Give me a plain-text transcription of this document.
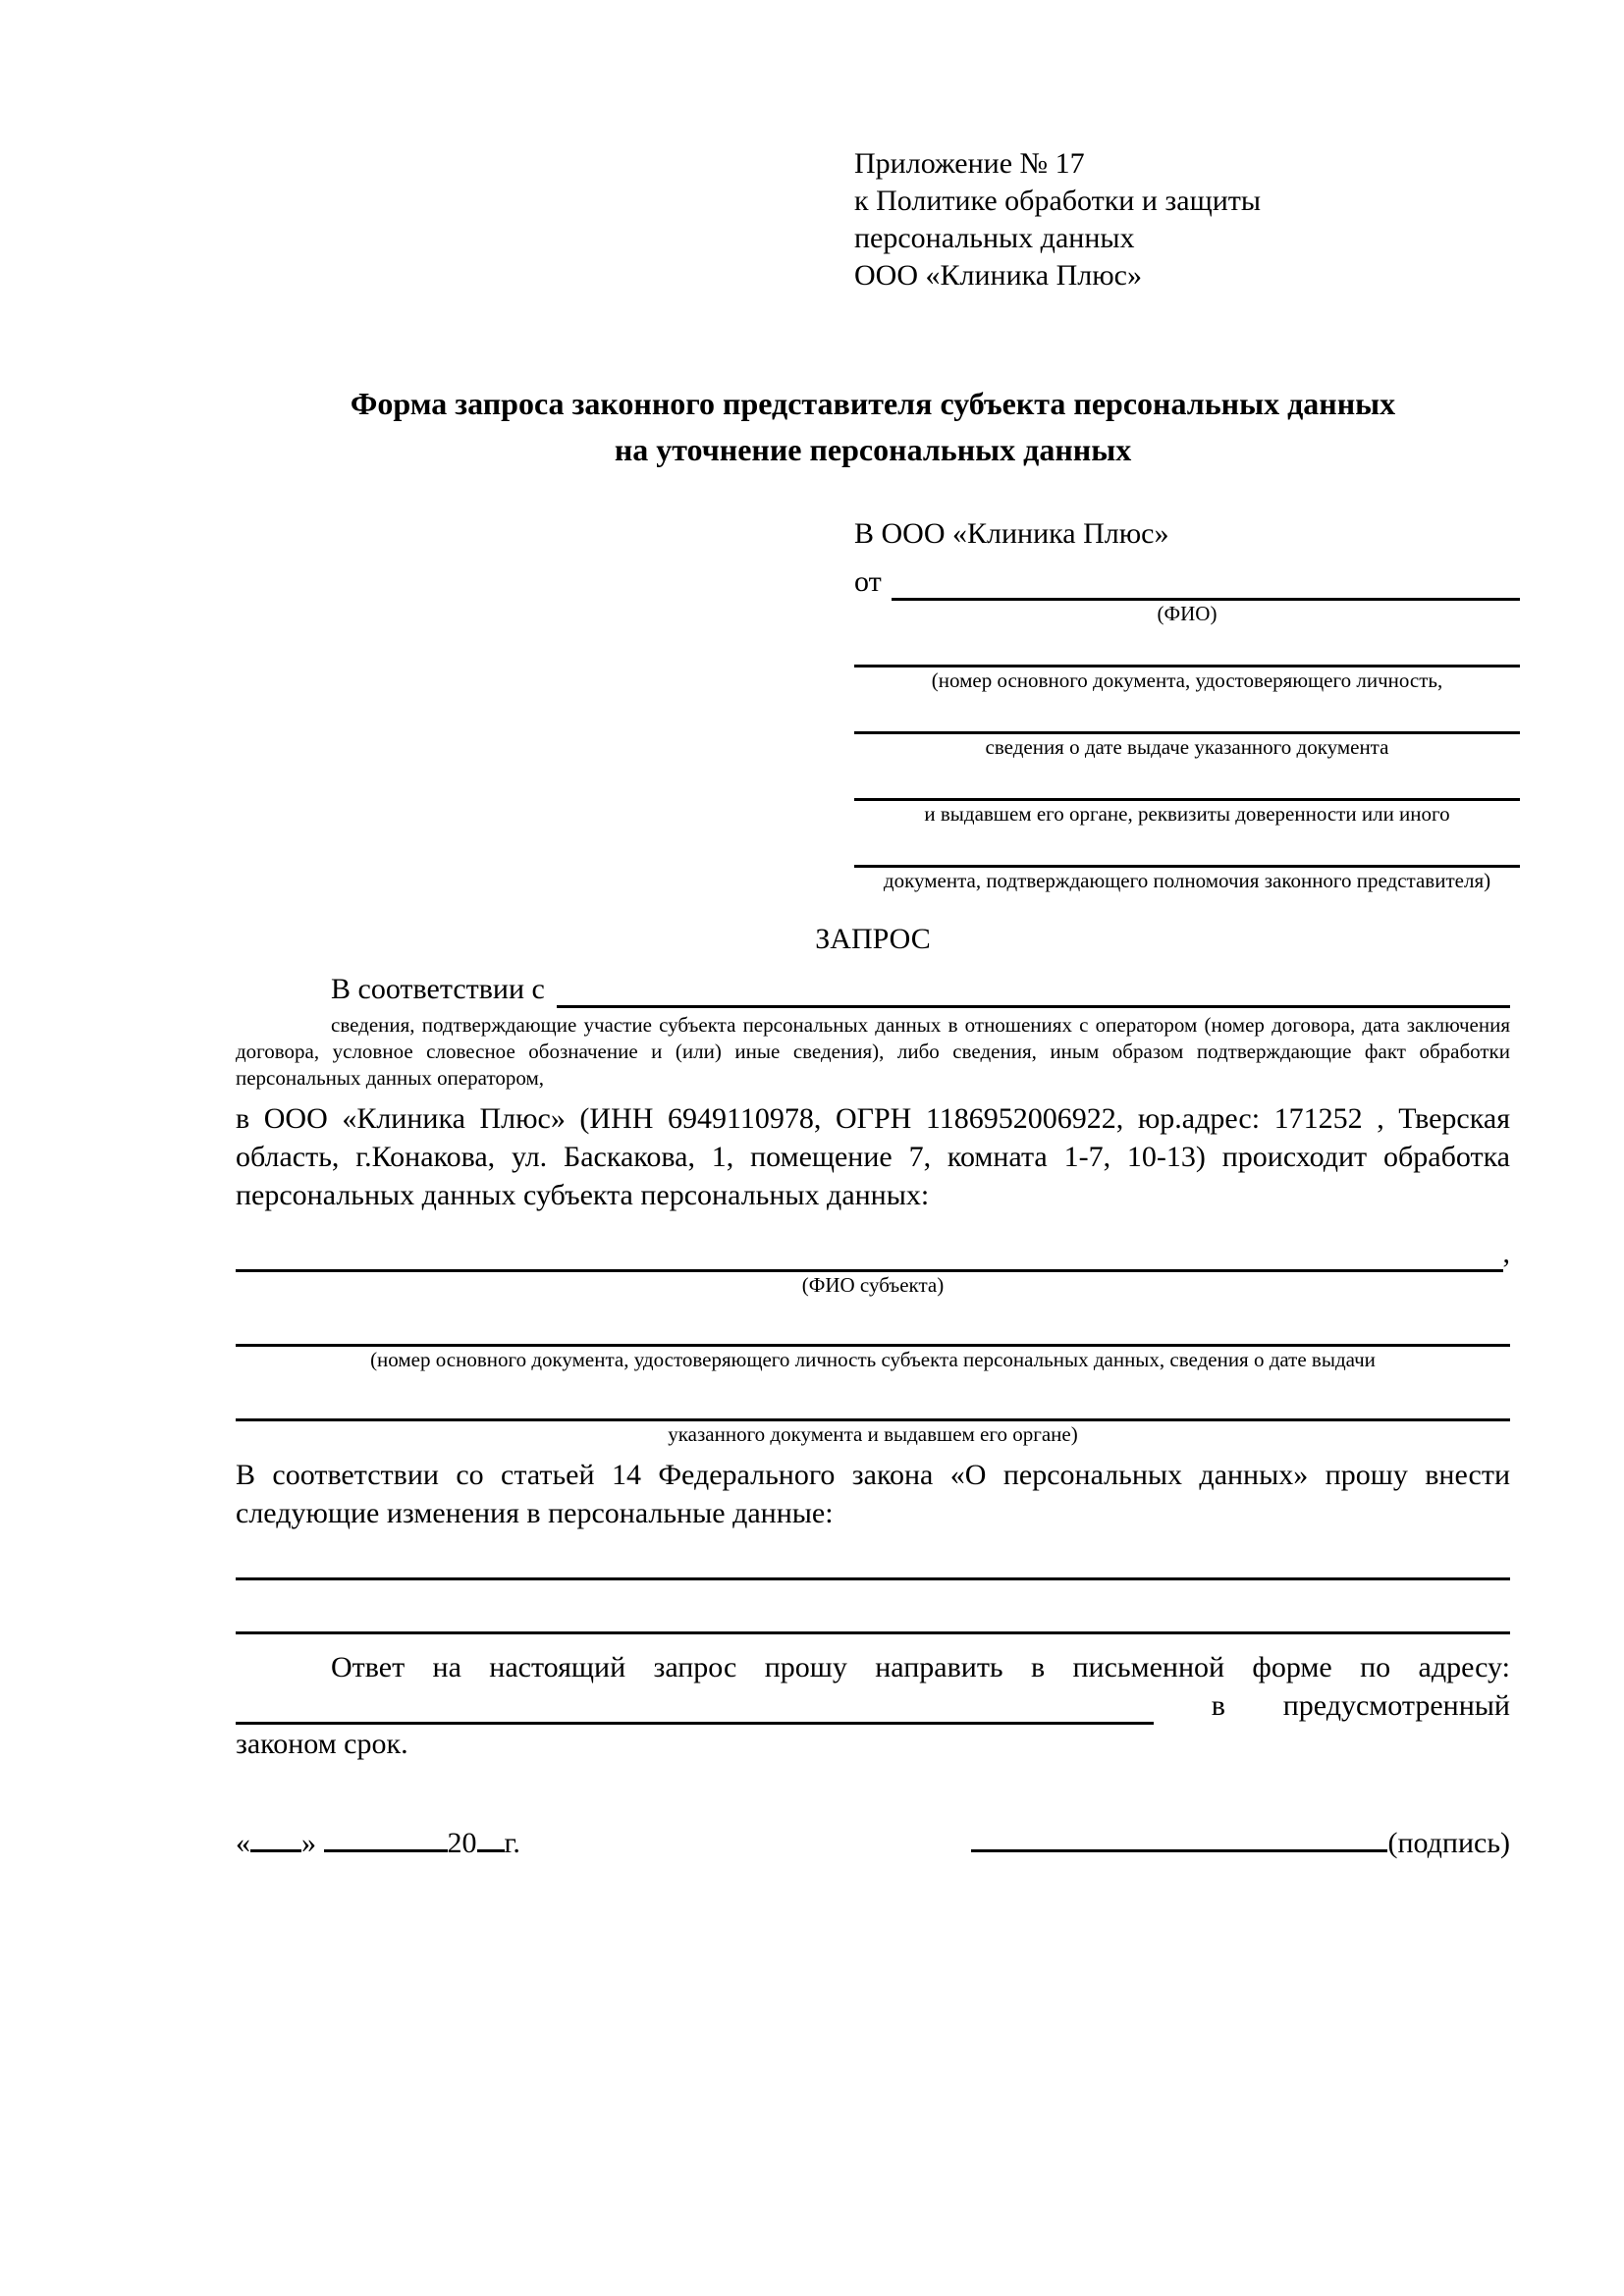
Приложение № 17
к Политике обработки и защиты
персональных данных
ООО «Клиника Плюс»
Форма запроса законного представителя субъекта персональных данных
на уточнение персональных данных
В ООО «Клиника Плюс»
от
(ФИО)
(номер основного документа, удостоверяющего личность,
сведения о дате выдаче указанного документа
и выдавшем его органе, реквизиты доверенности или иного
документа, подтверждающего полномочия законного представителя)
ЗАПРОС
В соответствии с
сведения, подтверждающие участие субъекта персональных данных в отношениях с оператором (номер договора, дата заключения договора, условное словесное обозначение и (или) иные сведения), либо сведения, иным образом подтверждающие факт обработки персональных данных оператором,
в ООО «Клиника Плюс» (ИНН 6949110978, ОГРН 1186952006922, юр.адрес: 171252 , Тверская область, г.Конакова, ул. Баскакова, 1, помещение 7, комната 1-7, 10-13) происходит обработка персональных данных субъекта персональных данных:
,
(ФИО субъекта)
(номер основного документа, удостоверяющего личность субъекта персональных данных, сведения о дате выдачи
указанного документа и выдавшем его органе)
В соответствии со статьей 14 Федерального закона «О персональных данных» прошу внести следующие изменения в персональные данные:
Ответ на настоящий запрос прошу направить в письменной форме по адресу:
в предусмотренный
законом срок.
« »	20 г.	(подпись)
